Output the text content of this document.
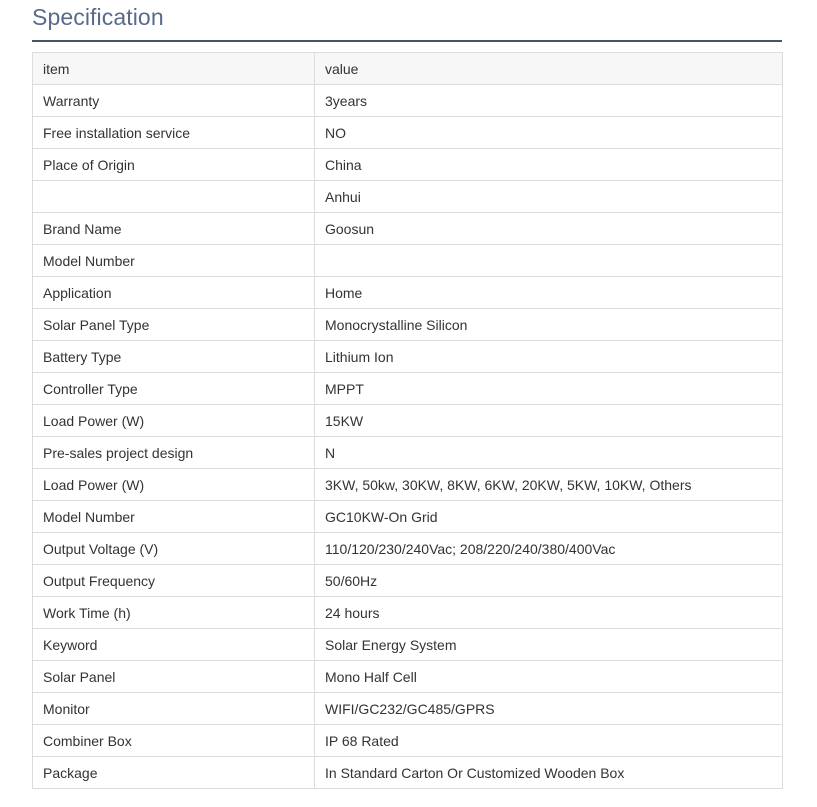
Specification
item	value
Warranty	3years
Free installation service	NO
Place of Origin	China
	Anhui
Brand Name	Goosun
Model Number	
Application	Home
Solar Panel Type	Monocrystalline Silicon
Battery Type	Lithium Ion
Controller Type	MPPT
Load Power (W)	15KW
Pre-sales project design	N
Load Power (W)	3KW, 50kw, 30KW, 8KW, 6KW, 20KW, 5KW, 10KW, Others
Model Number	GC10KW-On Grid
Output Voltage (V)	110/120/230/240Vac; 208/220/240/380/400Vac
Output Frequency	50/60Hz
Work Time (h)	24 hours
Keyword	Solar Energy System
Solar Panel	Mono Half Cell
Monitor	WIFI/GC232/GC485/GPRS
Combiner Box	IP 68 Rated
Package	In Standard Carton Or Customized Wooden Box
